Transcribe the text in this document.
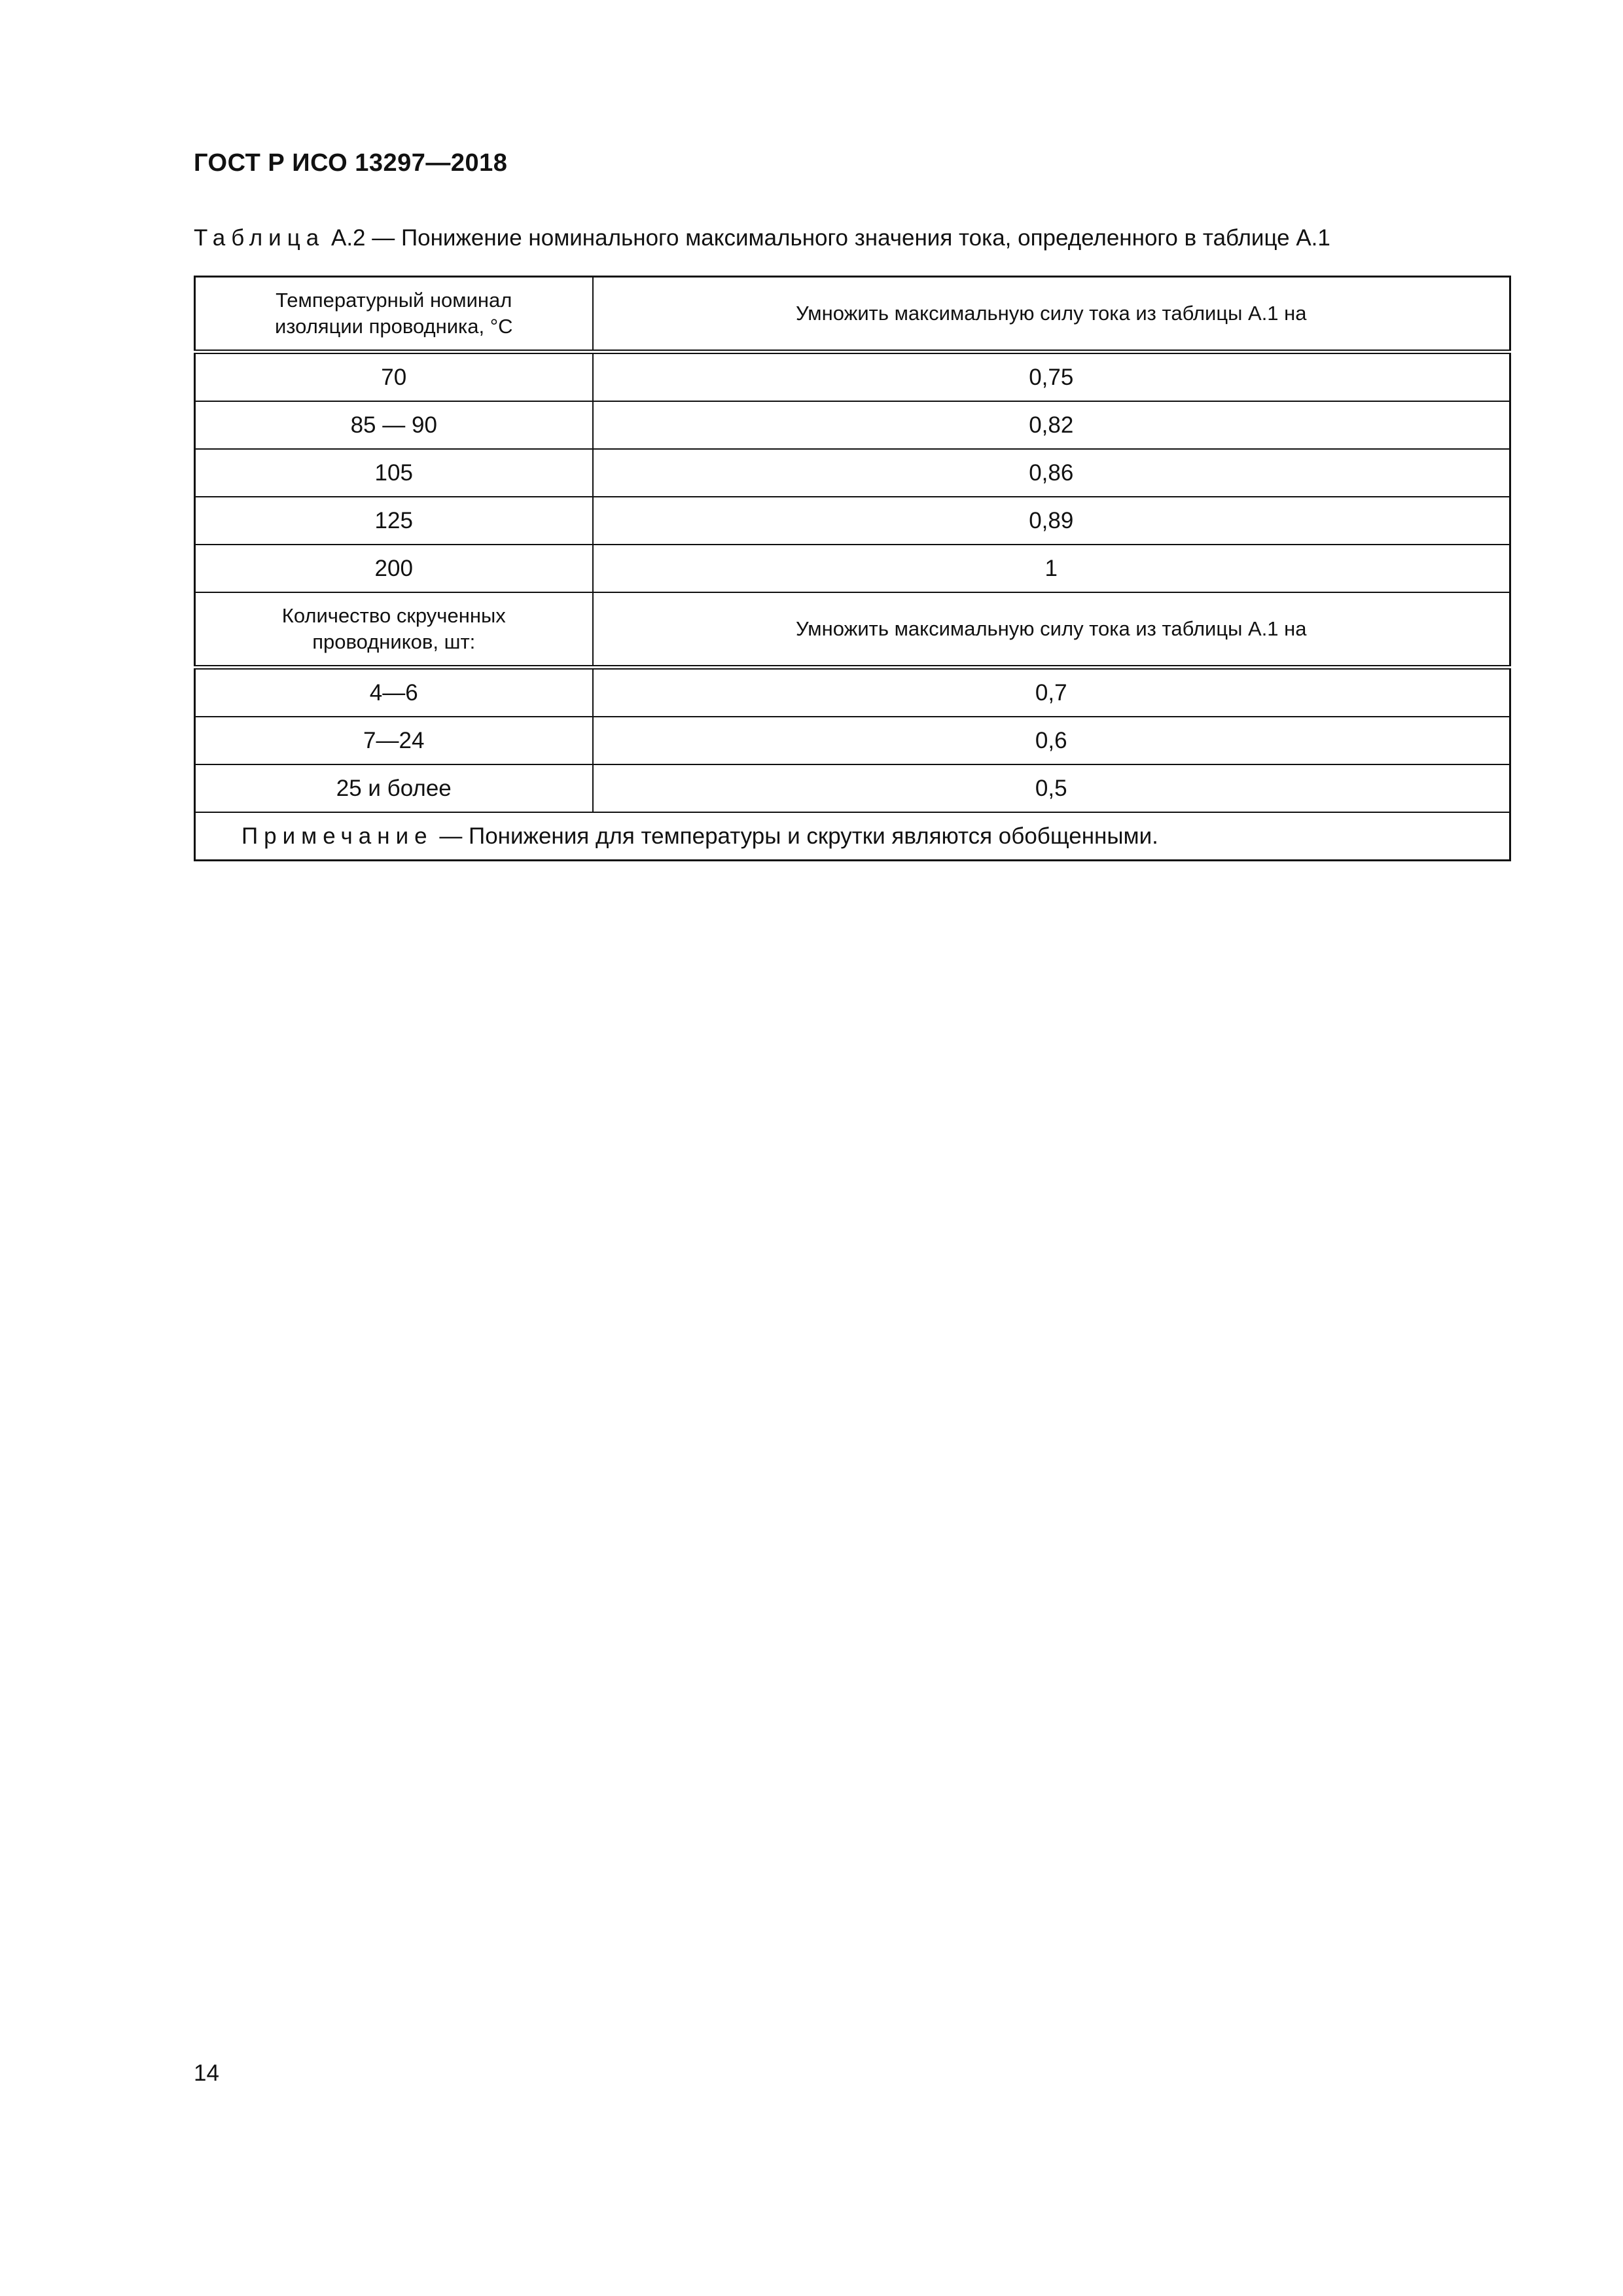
ГОСТ Р ИСО 13297—2018
Таблица А.2 — Понижение номинального максимального значения тока, определенного в таблице А.1
Температурный номинал
изоляции проводника, °С	Умножить максимальную силу тока из таблицы А.1 на
70	0,75
85 — 90	0,82
105	0,86
125	0,89
200	1

Количество скрученных
проводников, шт:	Умножить максимальную силу тока из таблицы А.1 на
4—6	0,7
7—24	0,6
25 и более	0,5
Примечание — Понижения для температуры и скрутки являются обобщенными.	
14
